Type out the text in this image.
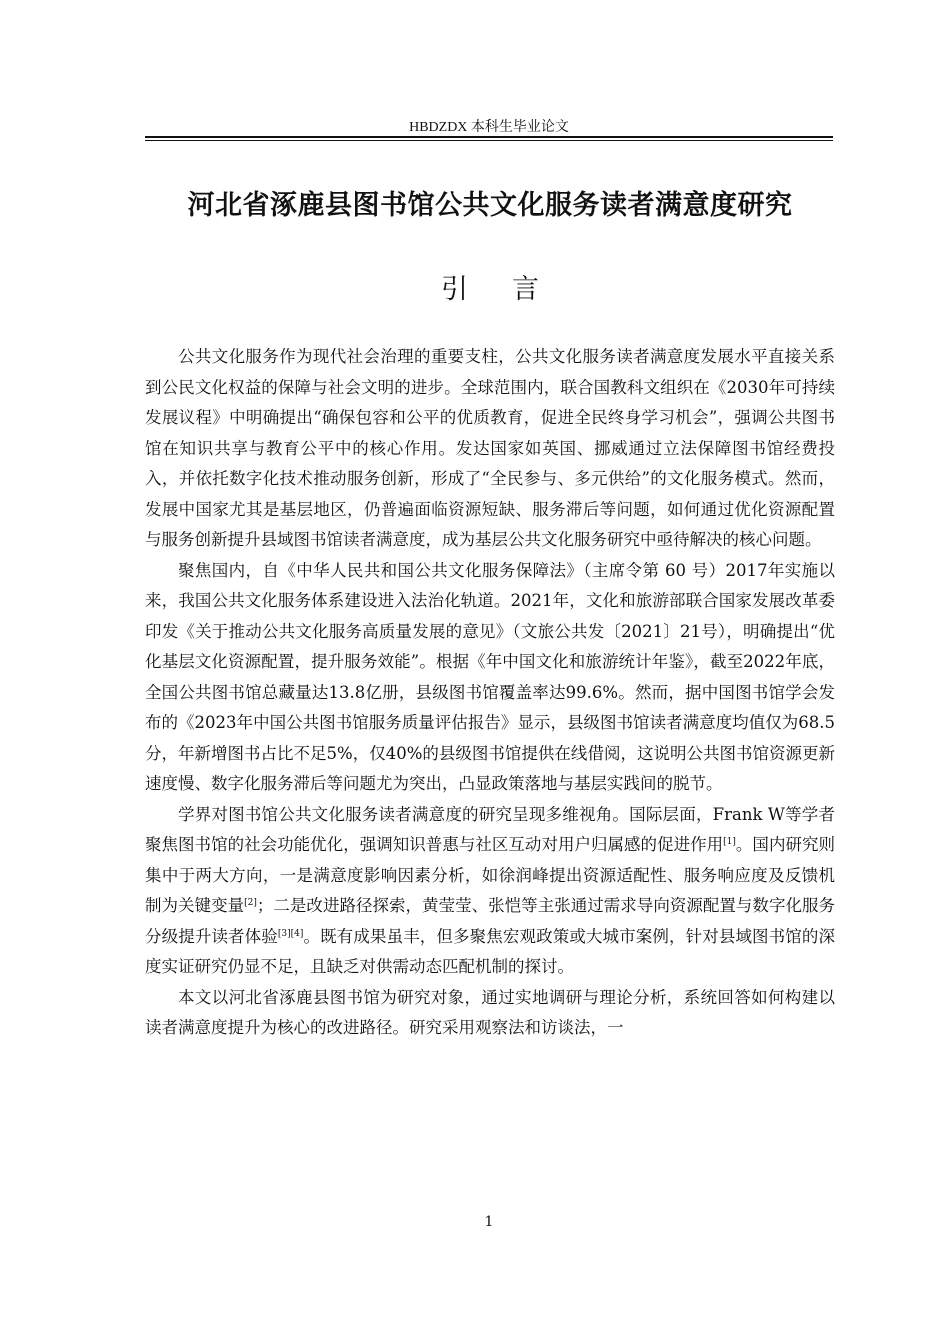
HBDZDX 本科生毕业论文
河北省涿鹿县图书馆公共文化服务读者满意度研究
引 言

公共文化服务作为现代社会治理的重要支柱，公共文化服务读者满意度发展水平直接关系到公民文化权益的保障与社会文明的进步。全球范围内，联合国教科文组织在《2030年可持续发展议程》中明确提出“确保包容和公平的优质教育，促进全民终身学习机会”，强调公共图书馆在知识共享与教育公平中的核心作用。发达国家如英国、挪威通过立法保障图书馆经费投入，并依托数字化技术推动服务创新，形成了“全民参与、多元供给”的文化服务模式。然而，发展中国家尤其是基层地区，仍普遍面临资源短缺、服务滞后等问题，如何通过优化资源配置与服务创新提升县域图书馆读者满意度，成为基层公共文化服务研究中亟待解决的核心问题。

聚焦国内，自《中华人民共和国公共文化服务保障法》（主席令第 60 号）2017年实施以来，我国公共文化服务体系建设进入法治化轨道。2021年，文化和旅游部联合国家发展改革委印发《关于推动公共文化服务高质量发展的意见》（文旅公共发〔2021〕21号），明确提出“优化基层文化资源配置，提升服务效能”。根据《年中国文化和旅游统计年鉴》，截至2022年底，全国公共图书馆总藏量达13.8亿册，县级图书馆覆盖率达99.6%。然而，据中国图书馆学会发布的《2023年中国公共图书馆服务质量评估报告》显示，县级图书馆读者满意度均值仅为68.5分，年新增图书占比不足5%，仅40%的县级图书馆提供在线借阅，这说明公共图书馆资源更新速度慢、数字化服务滞后等问题尤为突出，凸显政策落地与基层实践间的脱节。

学界对图书馆公共文化服务读者满意度的研究呈现多维视角。国际层面，Frank W等学者聚焦图书馆的社会功能优化，强调知识普惠与社区互动对用户归属感的促进作用[1]。国内研究则集中于两大方向，一是满意度影响因素分析，如徐润峰提出资源适配性、服务响应度及反馈机制为关键变量[2]；二是改进路径探索，黄莹莹、张恺等主张通过需求导向资源配置与数字化服务分级提升读者体验[3][4]。既有成果虽丰，但多聚焦宏观政策或大城市案例，针对县域图书馆的深度实证研究仍显不足，且缺乏对供需动态匹配机制的探讨。

本文以河北省涿鹿县图书馆为研究对象，通过实地调研与理论分析，系统回答如何构建以读者满意度提升为核心的改进路径。研究采用观察法和访谈法，一

1
